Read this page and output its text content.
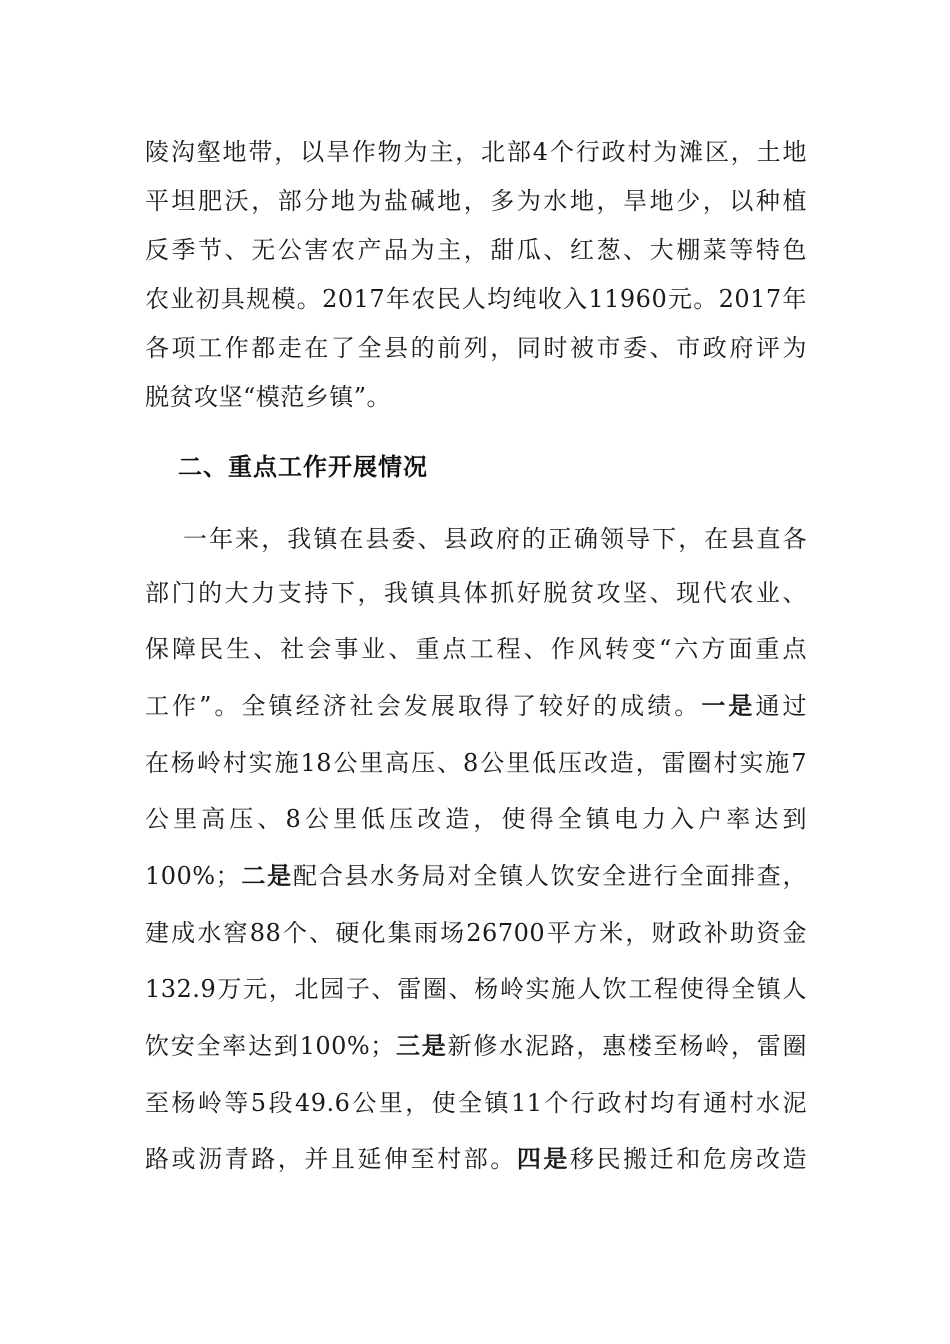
陵沟壑地带，以旱作物为主，北部4个行政村为滩区，土地
平坦肥沃，部分地为盐碱地，多为水地，旱地少，以种植
反季节、无公害农产品为主，甜瓜、红葱、大棚菜等特色
农业初具规模。2017年农民人均纯收入11960元。2017年
各项工作都走在了全县的前列，同时被市委、市政府评为
脱贫攻坚“模范乡镇”。
二、重点工作开展情况
一年来，我镇在县委、县政府的正确领导下，在县直各
部门的大力支持下，我镇具体抓好脱贫攻坚、现代农业、
保障民生、社会事业、重点工程、作风转变“六方面重点
工作”。全镇经济社会发展取得了较好的成绩。一是通过
在杨岭村实施18公里高压、8公里低压改造，雷圈村实施7
公里高压、8公里低压改造，使得全镇电力入户率达到
100%；二是配合县水务局对全镇人饮安全进行全面排查，
建成水窖88个、硬化集雨场26700平方米，财政补助资金
132.9万元，北园子、雷圈、杨岭实施人饮工程使得全镇人
饮安全率达到100%；三是新修水泥路，惠楼至杨岭，雷圈
至杨岭等5段49.6公里，使全镇11个行政村均有通村水泥
路或沥青路，并且延伸至村部。四是移民搬迁和危房改造
